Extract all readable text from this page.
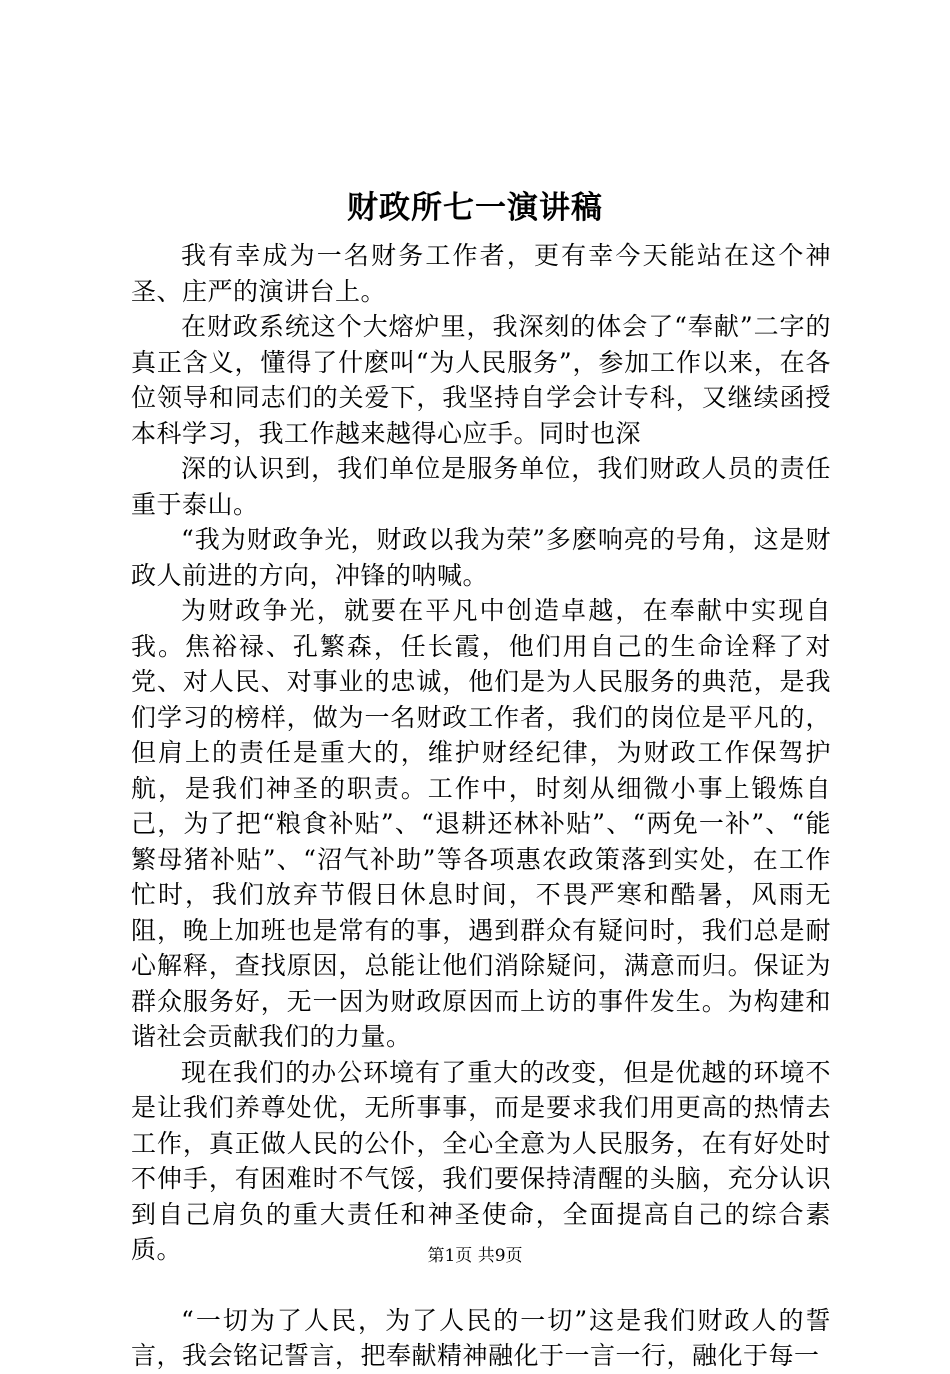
财政所七一演讲稿

我有幸成为一名财务工作者，更有幸今天能站在这个神圣、庄严的演讲台上。

在财政系统这个大熔炉里，我深刻的体会了“奉献”二字的真正含义，懂得了什麽叫“为人民服务”，参加工作以来，在各位领导和同志们的关爱下，我坚持自学会计专科，又继续函授本科学习，我工作越来越得心应手。同时也深

深的认识到，我们单位是服务单位，我们财政人员的责任重于泰山。

“我为财政争光，财政以我为荣”多麽响亮的号角，这是财政人前进的方向，冲锋的呐喊。

为财政争光，就要在平凡中创造卓越，在奉献中实现自我。焦裕禄、孔繁森，任长霞，他们用自己的生命诠释了对党、对人民、对事业的忠诚，他们是为人民服务的典范，是我们学习的榜样，做为一名财政工作者，我们的岗位是平凡的，但肩上的责任是重大的，维护财经纪律，为财政工作保驾护航，是我们神圣的职责。工作中，时刻从细微小事上锻炼自己，为了把“粮食补贴”、“退耕还林补贴”、“两免一补”、“能繁母猪补贴”、“沼气补助”等各项惠农政策落到实处，在工作忙时，我们放弃节假日休息时间，不畏严寒和酷暑，风雨无阻，晚上加班也是常有的事，遇到群众有疑问时，我们总是耐心解释，查找原因，总能让他们消除疑问，满意而归。保证为群众服务好，无一因为财政原因而上访的事件发生。为构建和谐社会贡献我们的力量。

现在我们的办公环境有了重大的改变，但是优越的环境不是让我们养尊处优，无所事事，而是要求我们用更高的热情去工作，真正做人民的公仆，全心全意为人民服务，在有好处时不伸手，有困难时不气馁，我们要保持清醒的头脑，充分认识到自己肩负的重大责任和神圣使命，全面提高自己的综合素质。

“一切为了人民，为了人民的一切”这是我们财政人的誓言，我会铭记誓言，把奉献精神融化于一言一行，融化于每一

第1页 共9页
